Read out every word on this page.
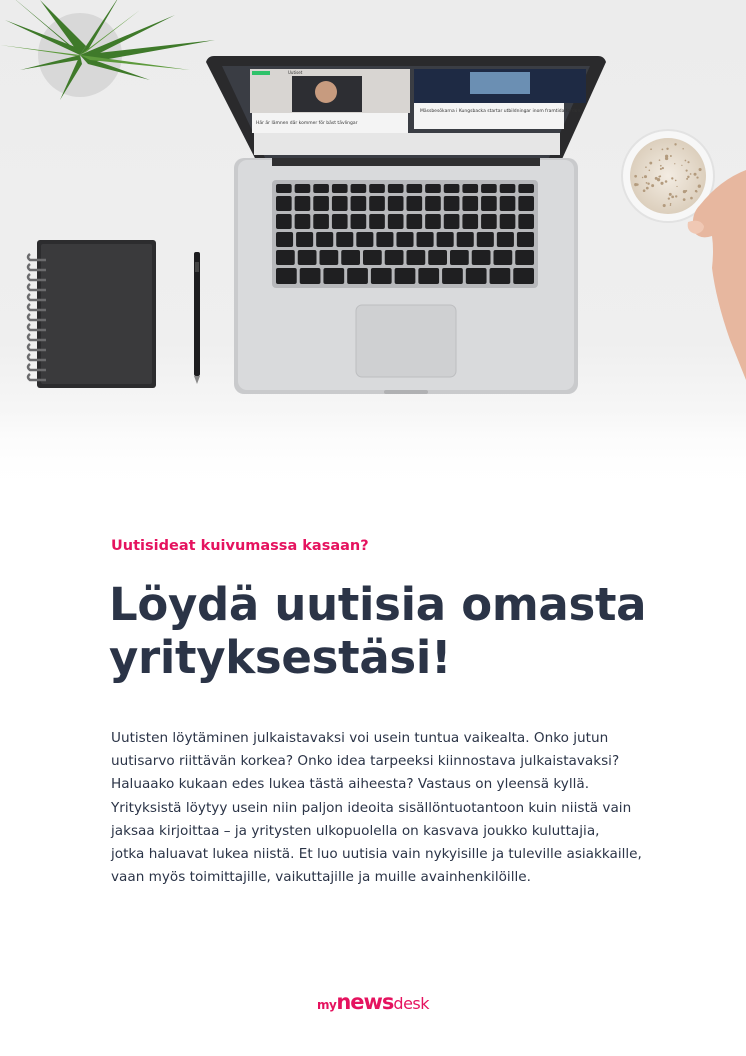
Här är lämnen där kommer för bäst tävlingar
Mässbesökarna i Kungsbacka startar utbildningar inom framtida fordon
Uutiset
Uutisideat kuivumassa kasaan?
Löydä uutisia omasta
yrityksestäsi!
Uutisten löytäminen julkaistavaksi voi usein tuntua vaikealta. Onko jutun
uutisarvo riittävän korkea? Onko idea tarpeeksi kiinnostava julkaistavaksi?
Haluaako kukaan edes lukea tästä aiheesta? Vastaus on yleensä kyllä.
Yrityksistä löytyy usein niin paljon ideoita sisällöntuotantoon kuin niistä vain
jaksaa kirjoittaa – ja yritysten ulkopuolella on kasvava joukko kuluttajia,
jotka haluavat lukea niistä. Et luo uutisia vain nykyisille ja tuleville asiakkaille,
vaan myös toimittajille, vaikuttajille ja muille avainhenkilöille.
mynewsdesk
